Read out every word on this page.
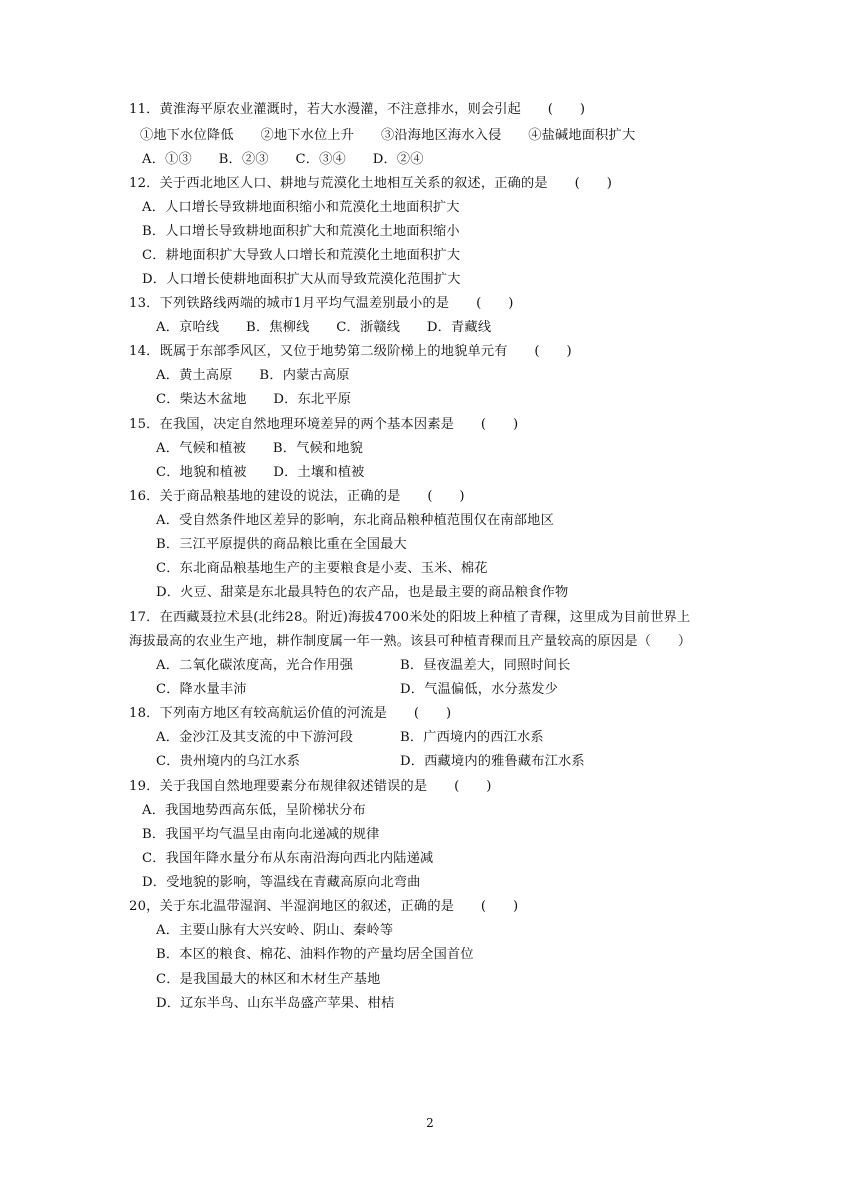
11．黄淮海平原农业灌溉时，若大水漫灌，不注意排水，则会引起　　(　　)
①地下水位降低　　②地下水位上升　　③沿海地区海水入侵　　④盐碱地面积扩大
A．①③　　B．②③　　C．③④　　D．②④
12．关于西北地区人口、耕地与荒漠化土地相互关系的叙述，正确的是　　(　　)
A．人口增长导致耕地面积缩小和荒漠化土地面积扩大
B．人口增长导致耕地面积扩大和荒漠化土地面积缩小
C．耕地面积扩大导致人口增长和荒漠化土地面积扩大
D．人口增长使耕地面积扩大从而导致荒漠化范围扩大
13．下列铁路线两端的城市1月平均气温差别最小的是　　(　　)
A．京哈线　　B．焦柳线　　C．浙赣线　　D．青藏线
14．既属于东部季风区，又位于地势第二级阶梯上的地貌单元有　　(　　)
A．黄土高原　　B．内蒙古高原
C．柴达木盆地　　D．东北平原
15．在我国，决定自然地理环境差异的两个基本因素是　　(　　)
A．气候和植被　　B．气候和地貌
C．地貌和植被　　D．土壤和植被
16．关于商品粮基地的建设的说法，正确的是　　(　　)
A．受自然条件地区差异的影响，东北商品粮种植范围仅在南部地区
B．三江平原提供的商品粮比重在全国最大
C．东北商品粮基地生产的主要粮食是小麦、玉米、棉花
D．火豆、甜菜是东北最具特色的农产品，也是最主要的商品粮食作物
17．在西藏聂拉术县(北纬28。附近)海拔4700米处的阳坡上种植了青稞，这里成为目前世界上
海拔最高的农业生产地，耕作制度属一年一熟。该县可种植青稞而且产量较高的原因是（　　）
A．二氧化碳浓度高，光合作用强	B．昼夜温差大，同照时间长
C．降水量丰沛	D．气温偏低，水分蒸发少
18．下列南方地区有较高航运价值的河流是　　(　　)
A．金沙江及其支流的中下游河段	B．广西境内的西江水系
C．贵州境内的乌江水系	D．西藏境内的雅鲁藏布江水系
19．关于我国自然地理要素分布规律叙述错误的是　　(　　)
A．我国地势西高东低，呈阶梯状分布
B．我国平均气温呈由南向北递减的规律
C．我国年降水量分布从东南沿海向西北内陆递减
D．受地貌的影响，等温线在青藏高原向北弯曲
20，关于东北温带湿润、半湿润地区的叙述，正确的是　　(　　)
A．主要山脉有大兴安岭、阴山、秦岭等
B．本区的粮食、棉花、油料作物的产量均居全国首位
C．是我国最大的林区和木材生产基地
D．辽东半鸟、山东半岛盛产苹果、柑桔
2
